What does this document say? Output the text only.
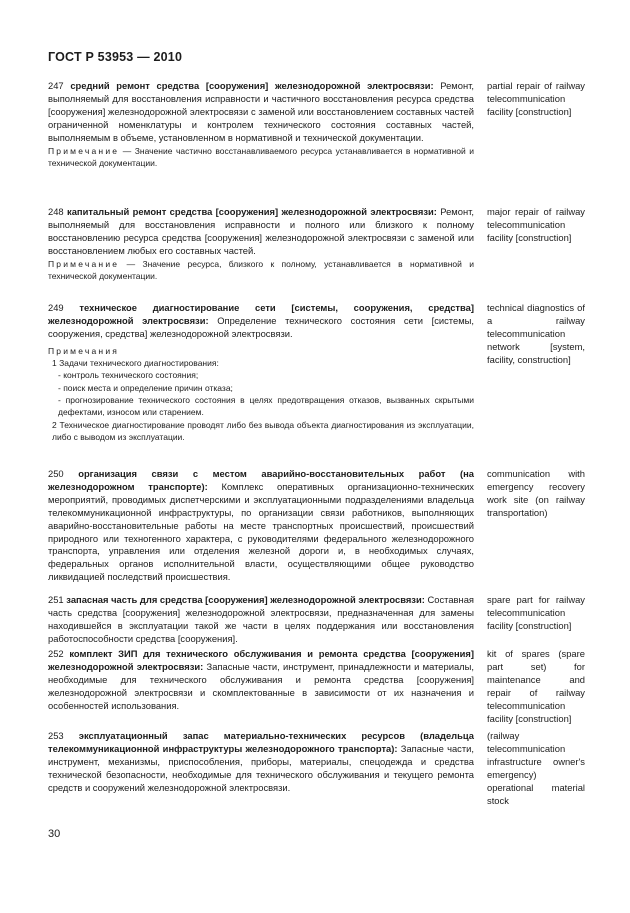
ГОСТ Р 53953 — 2010

247 средний ремонт средства [сооружения] железнодорожной электросвязи: Ремонт, выполняемый для восстановления исправности и частичного восстановления ресурса средства [сооружения] железнодорожной электросвязи с заменой или восстановлением составных частей ограниченной номенклатуры и контролем технического состояния составных частей, выполняемым в объеме, установленном в нормативной и технической документации.

Примечание — Значение частично восстанавливаемого ресурса устанавливается в нормативной и технической документации.

partial repair of railway telecommunication facility [construction]

248 капитальный ремонт средства [сооружения] железнодорожной электросвязи: Ремонт, выполняемый для восстановления исправности и полного или близкого к полному восстановлению ресурса средства [сооружения] железнодорожной электросвязи с заменой или восстановлением любых его составных частей.

Примечание — Значение ресурса, близкого к полному, устанавливается в нормативной и технической документации.

major repair of railway telecommunication facility [construction]

249 техническое диагностирование сети [системы, сооружения, средства] железнодорожной электросвязи: Определение технического состояния сети [системы, сооружения, средства] железнодорожной электросвязи.

Примечания
1 Задачи технического диагностирования:
- контроль технического состояния;
- поиск места и определение причин отказа;
- прогнозирование технического состояния в целях предотвращения отказов, вызванных скрытыми дефектами, износом или старением.
2 Техническое диагностирование проводят либо без вывода объекта диагностирования из эксплуатации, либо с выводом из эксплуатации.
technical diagnostics of a railway telecommunication network [system, facility, construction]

250 организация связи с местом аварийно-восстановительных работ (на железнодорожном транспорте): Комплекс оперативных организационно-технических мероприятий, проводимых диспетчерскими и эксплуатационными подразделениями владельца телекоммуникационной инфраструктуры, по организации связи работников, выполняющих аварийно-восстановительные работы на месте транспортных происшествий, происшествий природного или техногенного характера, с руководителями федерального железнодорожного транспорта, управления или отделения железной дороги и, в необходимых случаях, федеральных органов исполнительной власти, осуществляющими общее руководство ликвидацией последствий происшествия.

communication with emergency recovery work site (on railway transportation)

251 запасная часть для средства [сооружения] железнодорожной электросвязи: Составная часть средства [сооружения] железнодорожной электросвязи, предназначенная для замены находившейся в эксплуатации такой же части в целях поддержания или восстановления работоспособности средства [сооружения].

spare part for railway telecommunication facility [construction]

252 комплект ЗИП для технического обслуживания и ремонта средства [сооружения] железнодорожной электросвязи: Запасные части, инструмент, принадлежности и материалы, необходимые для технического обслуживания и ремонта средства [сооружения] железнодорожной электросвязи и скомплектованные в зависимости от их назначения и особенностей использования.

kit of spares (spare part set) for maintenance and repair of railway telecommunication facility [construction]

253 эксплуатационный запас материально-технических ресурсов (владельца телекоммуникационной инфраструктуры железнодорожного транспорта): Запасные части, инструмент, механизмы, приспособления, приборы, материалы, спецодежда и средства технической безопасности, необходимые для технического обслуживания и текущего ремонта средств и сооружений железнодорожной электросвязи.

(railway telecommunication infrastructure owner's emergency) operational material stock
30
